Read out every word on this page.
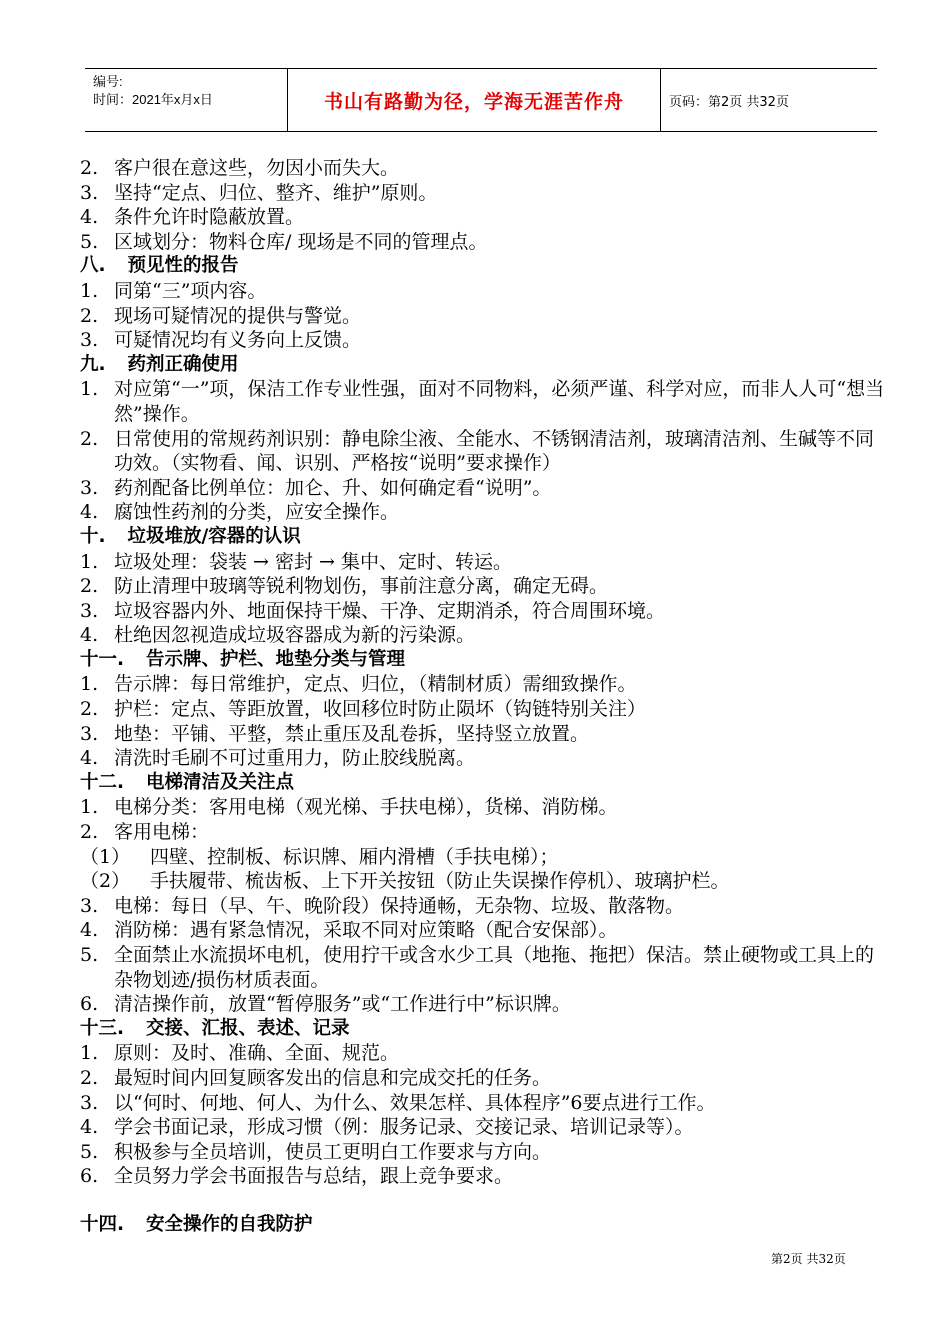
编号:
时间：2021年x月x日	书山有路勤为径，学海无涯苦作舟	页码：第2页 共32页
2. 客户很在意这些，勿因小而失大。
3. 坚持“定点、归位、整齐、维护”原则。
4. 条件允许时隐蔽放置。
5. 区域划分：物料仓库/ 现场是不同的管理点。
八. 预见性的报告
1. 同第“三”项内容。
2. 现场可疑情况的提供与警觉。
3. 可疑情况均有义务向上反馈。
九. 药剂正确使用
1. 对应第“一”项，保洁工作专业性强，面对不同物料，必须严谨、科学对应，而非人人可“想当然”操作。
2. 日常使用的常规药剂识别：静电除尘液、全能水、不锈钢清洁剂，玻璃清洁剂、生碱等不同功效。（实物看、闻、识别、严格按“说明”要求操作）
3. 药剂配备比例单位：加仑、升、如何确定看“说明”。
4. 腐蚀性药剂的分类，应安全操作。
十. 垃圾堆放/容器的认识
1. 垃圾处理：袋装 → 密封 → 集中、定时、转运。
2. 防止清理中玻璃等锐利物划伤，事前注意分离，确定无碍。
3. 垃圾容器内外、地面保持干燥、干净、定期消杀，符合周围环境。
4. 杜绝因忽视造成垃圾容器成为新的污染源。
十一. 告示牌、护栏、地垫分类与管理
1. 告示牌：每日常维护，定点、归位，（精制材质）需细致操作。
2. 护栏：定点、等距放置，收回移位时防止陨坏（钩链特别关注）
3. 地垫：平铺、平整，禁止重压及乱卷拆，坚持竖立放置。
4. 清洗时毛刷不可过重用力，防止胶线脱离。
十二. 电梯清洁及关注点
1. 电梯分类：客用电梯（观光梯、手扶电梯），货梯、消防梯。
2. 客用电梯：
（1）	四壁、控制板、标识牌、厢内滑槽（手扶电梯）；
（2）	手扶履带、梳齿板、上下开关按钮（防止失误操作停机）、玻璃护栏。
3. 电梯：每日（早、午、晚阶段）保持通畅，无杂物、垃圾、散落物。
4. 消防梯：遇有紧急情况，采取不同对应策略（配合安保部）。
5. 全面禁止水流损坏电机，使用拧干或含水少工具（地拖、拖把）保洁。禁止硬物或工具上的杂物划迹/损伤材质表面。
6. 清洁操作前，放置“暂停服务”或“工作进行中”标识牌。
十三. 交接、汇报、表述、记录
1. 原则：及时、准确、全面、规范。
2. 最短时间内回复顾客发出的信息和完成交托的任务。
3. 以“何时、何地、何人、为什么、效果怎样、具体程序”6要点进行工作。
4. 学会书面记录，形成习惯（例：服务记录、交接记录、培训记录等）。
5. 积极参与全员培训，使员工更明白工作要求与方向。
6. 全员努力学会书面报告与总结，跟上竞争要求。
十四. 安全操作的自我防护
第2页 共32页
